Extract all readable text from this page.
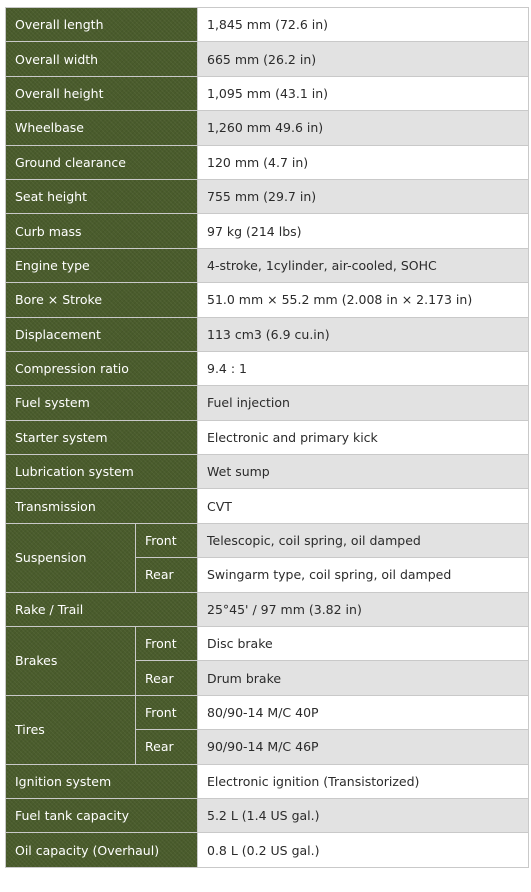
Overall length		1,845 mm (72.6 in)
Overall width		665 mm (26.2 in)
Overall height		1,095 mm (43.1 in)
Wheelbase		1,260 mm 49.6 in)
Ground clearance		120 mm (4.7 in)
Seat height		755 mm (29.7 in)
Curb mass		97 kg (214 lbs)
Engine type		4-stroke, 1cylinder, air-cooled, SOHC
Bore × Stroke		51.0 mm × 55.2 mm (2.008 in × 2.173 in)
Displacement		113 cm3 (6.9 cu.in)
Compression ratio		9.4 : 1
Fuel system		Fuel injection
Starter system		Electronic and primary kick
Lubrication system		Wet sump
Transmission		CVT
Suspension	Front	Telescopic, coil spring, oil damped
	Rear	Swingarm type, coil spring, oil damped
Rake / Trail		25°45' / 97 mm (3.82 in)
Brakes	Front	Disc brake
	Rear	Drum brake
Tires	Front	80/90-14 M/C 40P
	Rear	90/90-14 M/C 46P
Ignition system		Electronic ignition (Transistorized)
Fuel tank capacity		5.2 L (1.4 US gal.)
Oil capacity (Overhaul)		0.8 L (0.2 US gal.)
